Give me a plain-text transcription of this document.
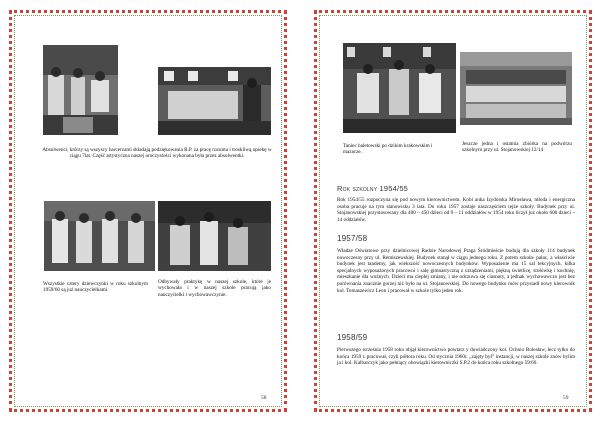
Absolwenci, którzy są wszyscy harcerzami składają podziękowania R.P. za pracę rozumu i troskliwą opiekę w ciągu 7lat. Część artystyczna naszej uroczystości wykonana była przez absolwentki.
Wszystkie cztery dziewczynki w roku szkolnym 1959/60 są już nauczycielkami.
Odbywały praktykę w naszej szkole, które je wychowała i w naszej szkole pracują jako nauczycielki i wychowawczynie.
58
Taniec baletowski po dzikim krakowskim i mazurze.
Jeszcze jedna i ostatnia zbiórka na podwórzu szkolnym przy ul. Stojanowskiej 12/14
Rok szkolny 1954/55
Rok 1954/55 rozpoczyna się pod nowym kierownictwem. Kobi anka Izydorska Mirosława, młoda i energiczna osoba pracuje na tym stanowisku 3 lata. Do roku 1957 zostaje naszczęściem tejże szkoły. Budynek przy ul. Stojanowskiej przystosowany dla 400 – 450 dzieci od 9 – 11 oddziałów w 1954 roku liczył już około 600 dzieci – 14 oddziałów.
1957/58
Władze Oświatowe przy dzielnicowej Radzie Narodowej Praga Śródmieście budują dla szkoły 114 budynek nowoczesny przy ul. Remiszewskiej. Budynek stanął w ciągu jednego roku. Z potem szkoła- pałac, a właściwie budynek jest tandetny, jak wiekszość nowoczesnych budynków. Wyposażenie ma 15 sal lekcyjnych, kilka specjalnych wyposażonych pracowni i salę gimnastyczną z urządzeniami, piękną świetlicę, stołówkę i kuchnię, mieszkanie dla woźnych. Dzieci ma cieplej zmiany, i nie odczuwa się ciasnoty, a jednak wychowawczo jest bez porównania znacznie gorzej niż było na ul. Stojanowskiej. Do nowego budynku mów przysiadł nowy kierownik kol. Tomaszewicz Leon i pracował w szkole tylko jeden rok.
1958/59
Pierwszego września 1958 roku objął kierownictwo powtarz y dowiadczony kol. Ochnio Bolesław, lecz tylko do końca 1959 r. pracował, czyli półtora roku. Od stycznia 1960r. „zajęty był” instancji, w naszej szkole znów bylim ja i kol. Kalbarczyk jako pełniący obowiązki kierowniczki S.P.2 do końca roku szkolnego 59/60.
59
